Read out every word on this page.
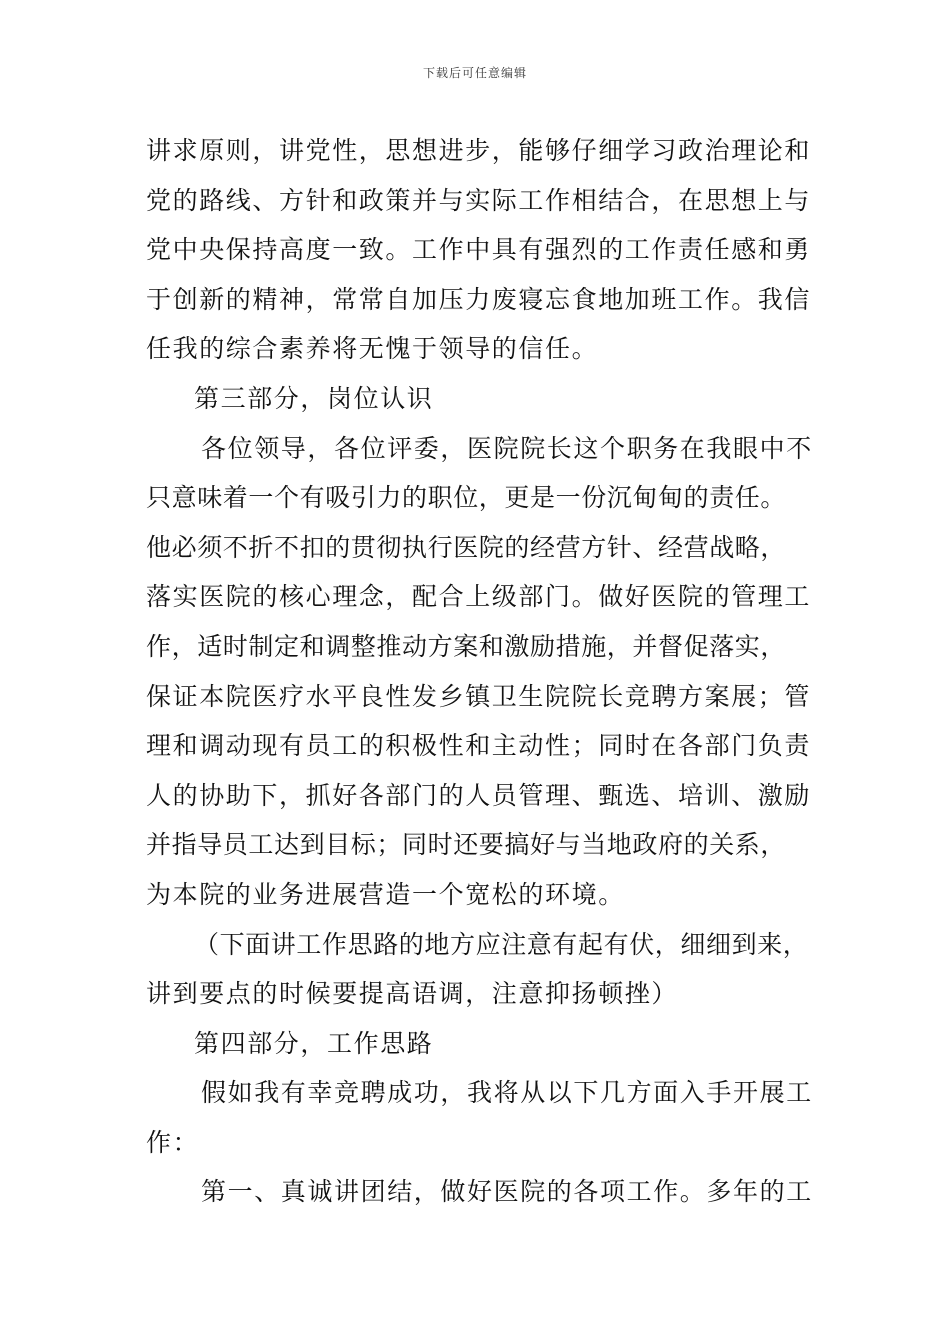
下载后可任意编辑
讲求原则，讲党性，思想进步，能够仔细学习政治理论和
党的路线、方针和政策并与实际工作相结合，在思想上与
党中央保持高度一致。工作中具有强烈的工作责任感和勇
于创新的精神，常常自加压力废寝忘食地加班工作。我信
任我的综合素养将无愧于领导的信任。
第三部分，岗位认识
各位领导，各位评委，医院院长这个职务在我眼中不
只意味着一个有吸引力的职位，更是一份沉甸甸的责任。
他必须不折不扣的贯彻执行医院的经营方针、经营战略，
落实医院的核心理念，配合上级部门。做好医院的管理工
作，适时制定和调整推动方案和激励措施，并督促落实，
保证本院医疗水平良性发乡镇卫生院院长竞聘方案展；管
理和调动现有员工的积极性和主动性；同时在各部门负责
人的协助下，抓好各部门的人员管理、甄选、培训、激励
并指导员工达到目标；同时还要搞好与当地政府的关系，
为本院的业务进展营造一个宽松的环境。
（下面讲工作思路的地方应注意有起有伏，细细到来，
讲到要点的时候要提高语调，注意抑扬顿挫）
第四部分，工作思路
假如我有幸竞聘成功，我将从以下几方面入手开展工
作：
第一、真诚讲团结，做好医院的各项工作。多年的工
